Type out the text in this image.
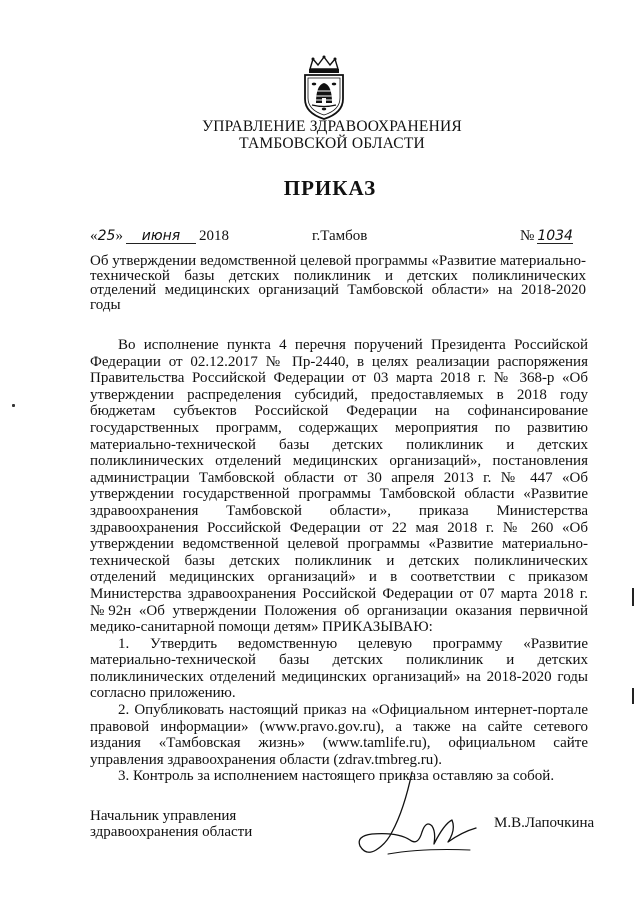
УПРАВЛЕНИЕ ЗДРАВООХРАНЕНИЯ
ТАМБОВСКОЙ ОБЛАСТИ
ПРИКАЗ
«25» июня 2018	г.Тамбов	№ 1034
Об утверждении ведомственной целевой программы «Развитие материально-технической базы детских поликлиник и детских поликлинических отделений медицинских организаций Тамбовской области» на 2018-2020 годы

Во исполнение пункта 4 перечня поручений Президента Российской Федерации от 02.12.2017 № Пр-2440, в целях реализации распоряжения Правительства Российской Федерации от 03 марта 2018 г. № 368-р «Об утверждении распределения субсидий, предоставляемых в 2018 году бюджетам субъектов Российской Федерации на софинансирование государственных программ, содержащих мероприятия по развитию материально-технической базы детских поликлиник и детских поликлинических отделений медицинских организаций», постановления администрации Тамбовской области от 30 апреля 2013 г. № 447 «Об утверждении государственной программы Тамбовской области «Развитие здравоохранения Тамбовской области», приказа Министерства здравоохранения Российской Федерации от 22 мая 2018 г. № 260 «Об утверждении ведомственной целевой программы «Развитие материально-технической базы детских поликлиник и детских поликлинических отделений медицинских организаций» и в соответствии с приказом Министерства здравоохранения Российской Федерации от 07 марта 2018 г. №92н «Об утверждении Положения об организации оказания первичной медико-санитарной помощи детям» ПРИКАЗЫВАЮ:

1. Утвердить ведомственную целевую программу «Развитие материально-технической базы детских поликлиник и детских поликлинических отделений медицинских организаций» на 2018-2020 годы согласно приложению.

2. Опубликовать настоящий приказ на «Официальном интернет-портале правовой информации» (www.pravo.gov.ru), а также на сайте сетевого издания «Тамбовская жизнь» (www.tamlife.ru), официальном сайте управления здравоохранения области (zdrav.tmbreg.ru).

3. Контроль за исполнением настоящего приказа оставляю за собой.

Начальник управления
здравоохранения области
М.В.Лапочкина
